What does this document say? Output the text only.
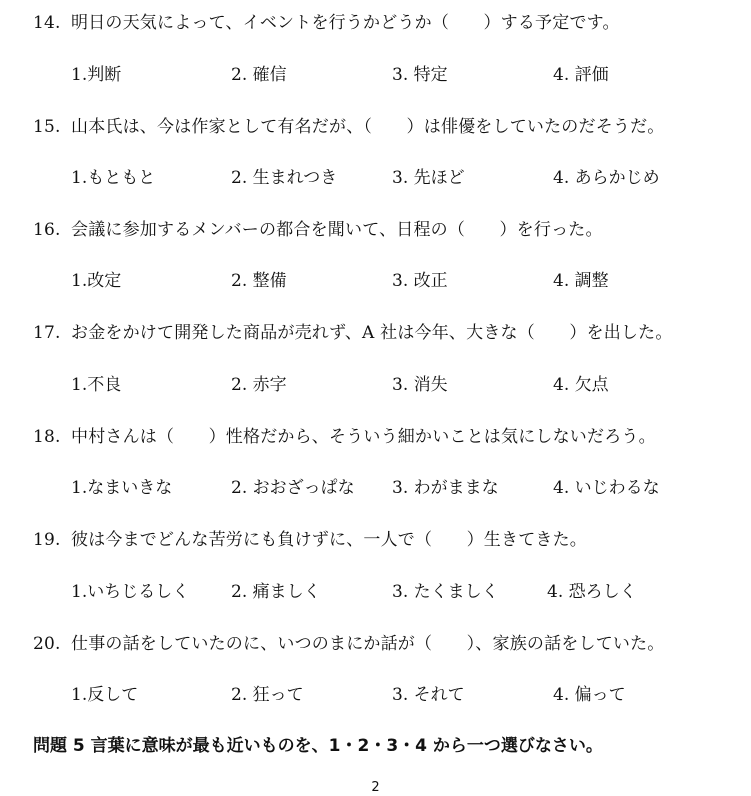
14. 明日の天気によって、イベントを行うかどうか（　　）する予定です。
1.判断	2. 確信	3. 特定	4. 評価
15. 山本氏は、今は作家として有名だが、（　　）は俳優をしていたのだそうだ。
1.もともと	2. 生まれつき	3. 先ほど	4. あらかじめ
16. 会議に参加するメンバーの都合を聞いて、日程の（　　）を行った。
1.改定	2. 整備	3. 改正	4. 調整
17. お金をかけて開発した商品が売れず、A 社は今年、大きな（　　）を出した。
1.不良	2. 赤字	3. 消失	4. 欠点
18. 中村さんは（　　）性格だから、そういう細かいことは気にしないだろう。
1.なまいきな	2. おおざっぱな 3. わがままな	4. いじわるな
19. 彼は今までどんな苦労にも負けずに、一人で（　　）生きてきた。
1.いちじるしく 2. 痛ましく	3. たくましく	4. 恐ろしく
20. 仕事の話をしていたのに、いつのまにか話が（　　）、家族の話をしていた。
1.反して	2. 狂って	3. それて	4. 偏って
問題 5 言葉に意味が最も近いものを、1・2・3・4 から一つ選びなさい。
2
